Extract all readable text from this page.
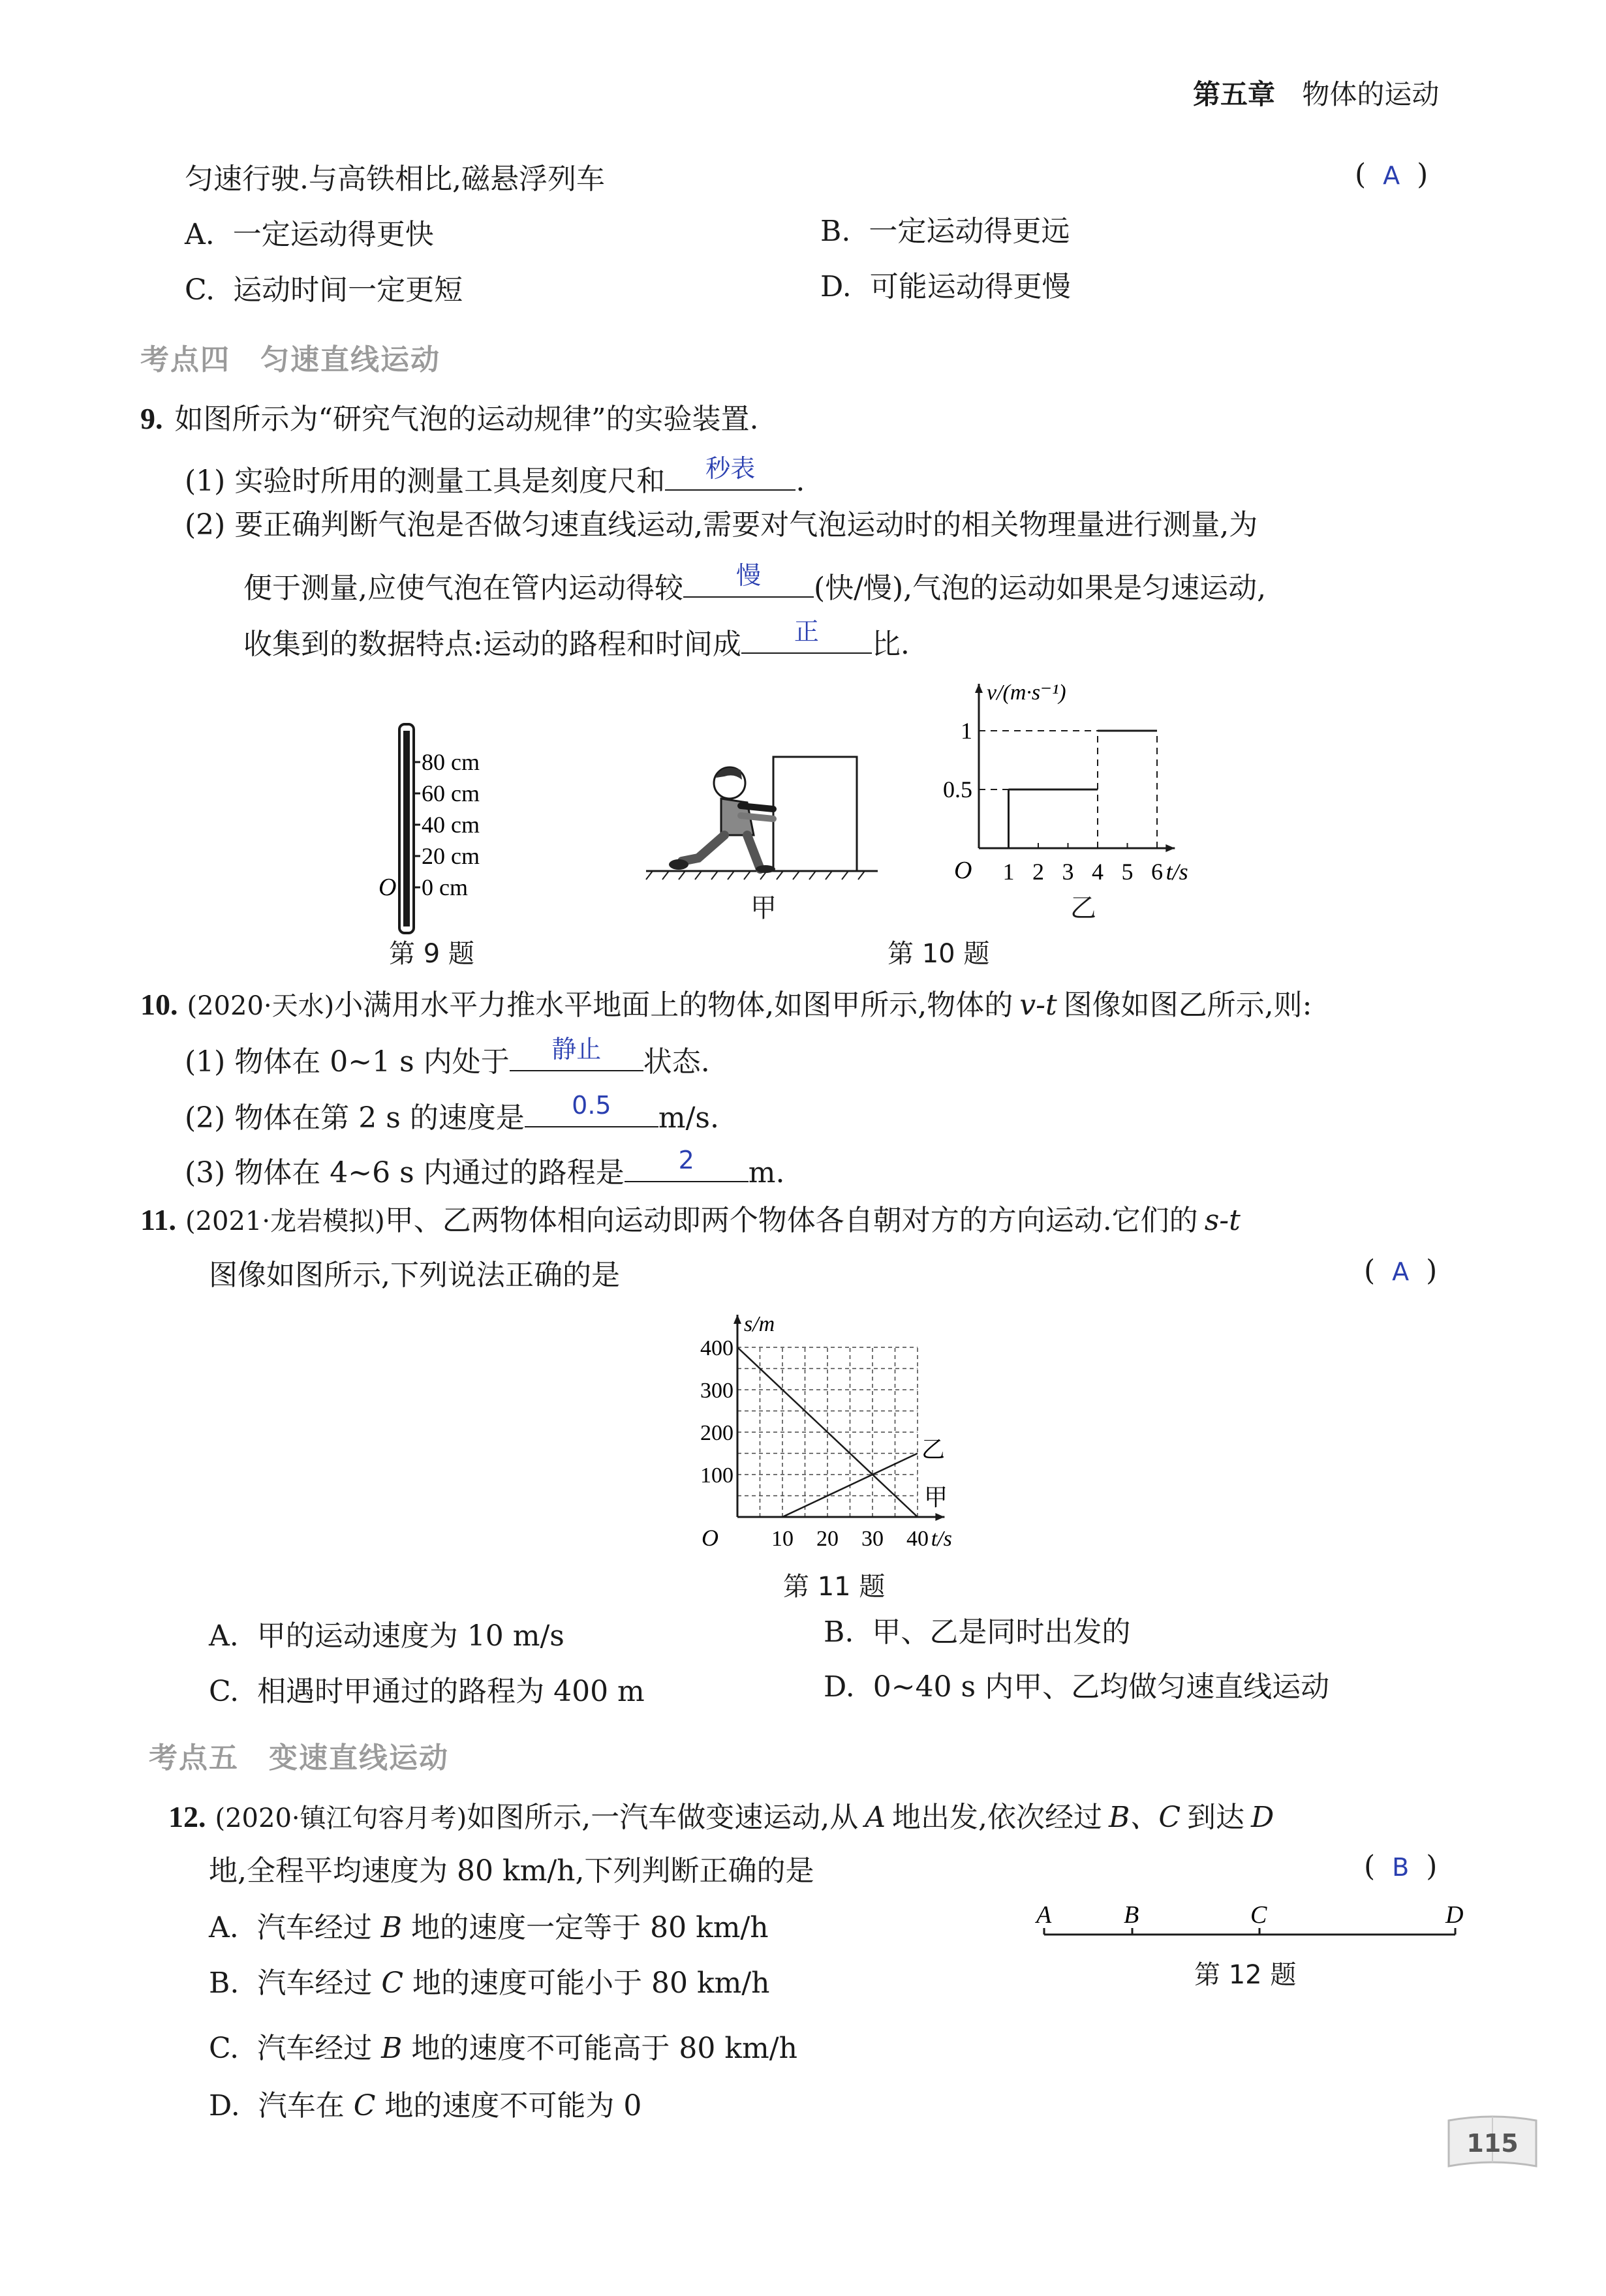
第五章 物体的运动
匀速行驶.与高铁相比,磁悬浮列车	( A )
A. 一定运动得更快	B. 一定运动得更远
C. 运动时间一定更短	D. 可能运动得更慢
考点四　匀速直线运动
9. 如图所示为“研究气泡的运动规律”的实验装置.
(1) 实验时所用的测量工具是刻度尺和	秒表	.
(2) 要正确判断气泡是否做匀速直线运动,需要对气泡运动时的相关物理量进行测量,为
便于测量,应使气泡在管内运动得较	慢	(快/慢),气泡的运动如果是匀速运动,
收集到的数据特点:运动的路程和时间成	正	比.
80 cm
60 cm
40 cm
20 cm
0 cm
O
第 9 题
甲
0.5
1
1 2 3 4 5 6
O	t/s
v/(m·s⁻¹)
乙
第 10 题
10. (2020·天水)小满用水平力推水平地面上的物体,如图甲所示,物体的 v-t 图像如图乙所示,则:
(1) 物体在 0~1 s 内处于	静止	状态.
(2) 物体在第 2 s 的速度是	0.5	m/s.
(3) 物体在 4~6 s 内通过的路程是	2	m.
11. (2021·龙岩模拟)甲、乙两物体相向运动即两个物体各自朝对方的方向运动.它们的 s-t
图像如图所示,下列说法正确的是	( A )
100
200
300
400
10 20 30 40
甲
乙
O	t/s
s/m
第 11 题
A. 甲的运动速度为 10 m/s	B. 甲、乙是同时出发的
C. 相遇时甲通过的路程为 400 m	D. 0~40 s 内甲、乙均做匀速直线运动
考点五　变速直线运动
12. (2020·镇江句容月考)如图所示,一汽车做变速运动,从 A 地出发,依次经过 B、C 到达 D
地,全程平均速度为 80 km/h,下列判断正确的是	( B )
A	B	C	D
第 12 题
A. 汽车经过 B 地的速度一定等于 80 km/h
B. 汽车经过 C 地的速度可能小于 80 km/h
C. 汽车经过 B 地的速度不可能高于 80 km/h
D. 汽车在 C 地的速度不可能为 0
115
